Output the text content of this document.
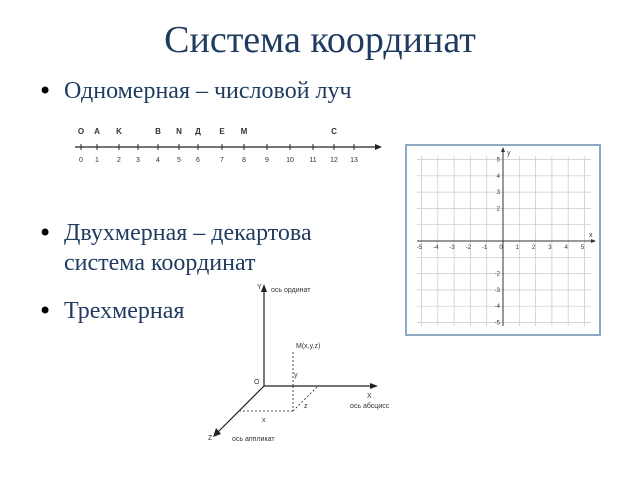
Система координат
• Одномерная – числовой луч
• Двухмерная – декартова
система координат
• Трехмерная
0 1	2 3 4 5 6	7	8	9 10 11 12 13
O A K	B N Д E M	C
x
y
-5 -4 -3 -2 -1 0 1 2 3 4 5
5
4
3
2
-2
-3
-4
-5
Y ось ординат
X
ось абсцисс
Z	ось аппликат
O
M(x,y,z)
y
z
x
